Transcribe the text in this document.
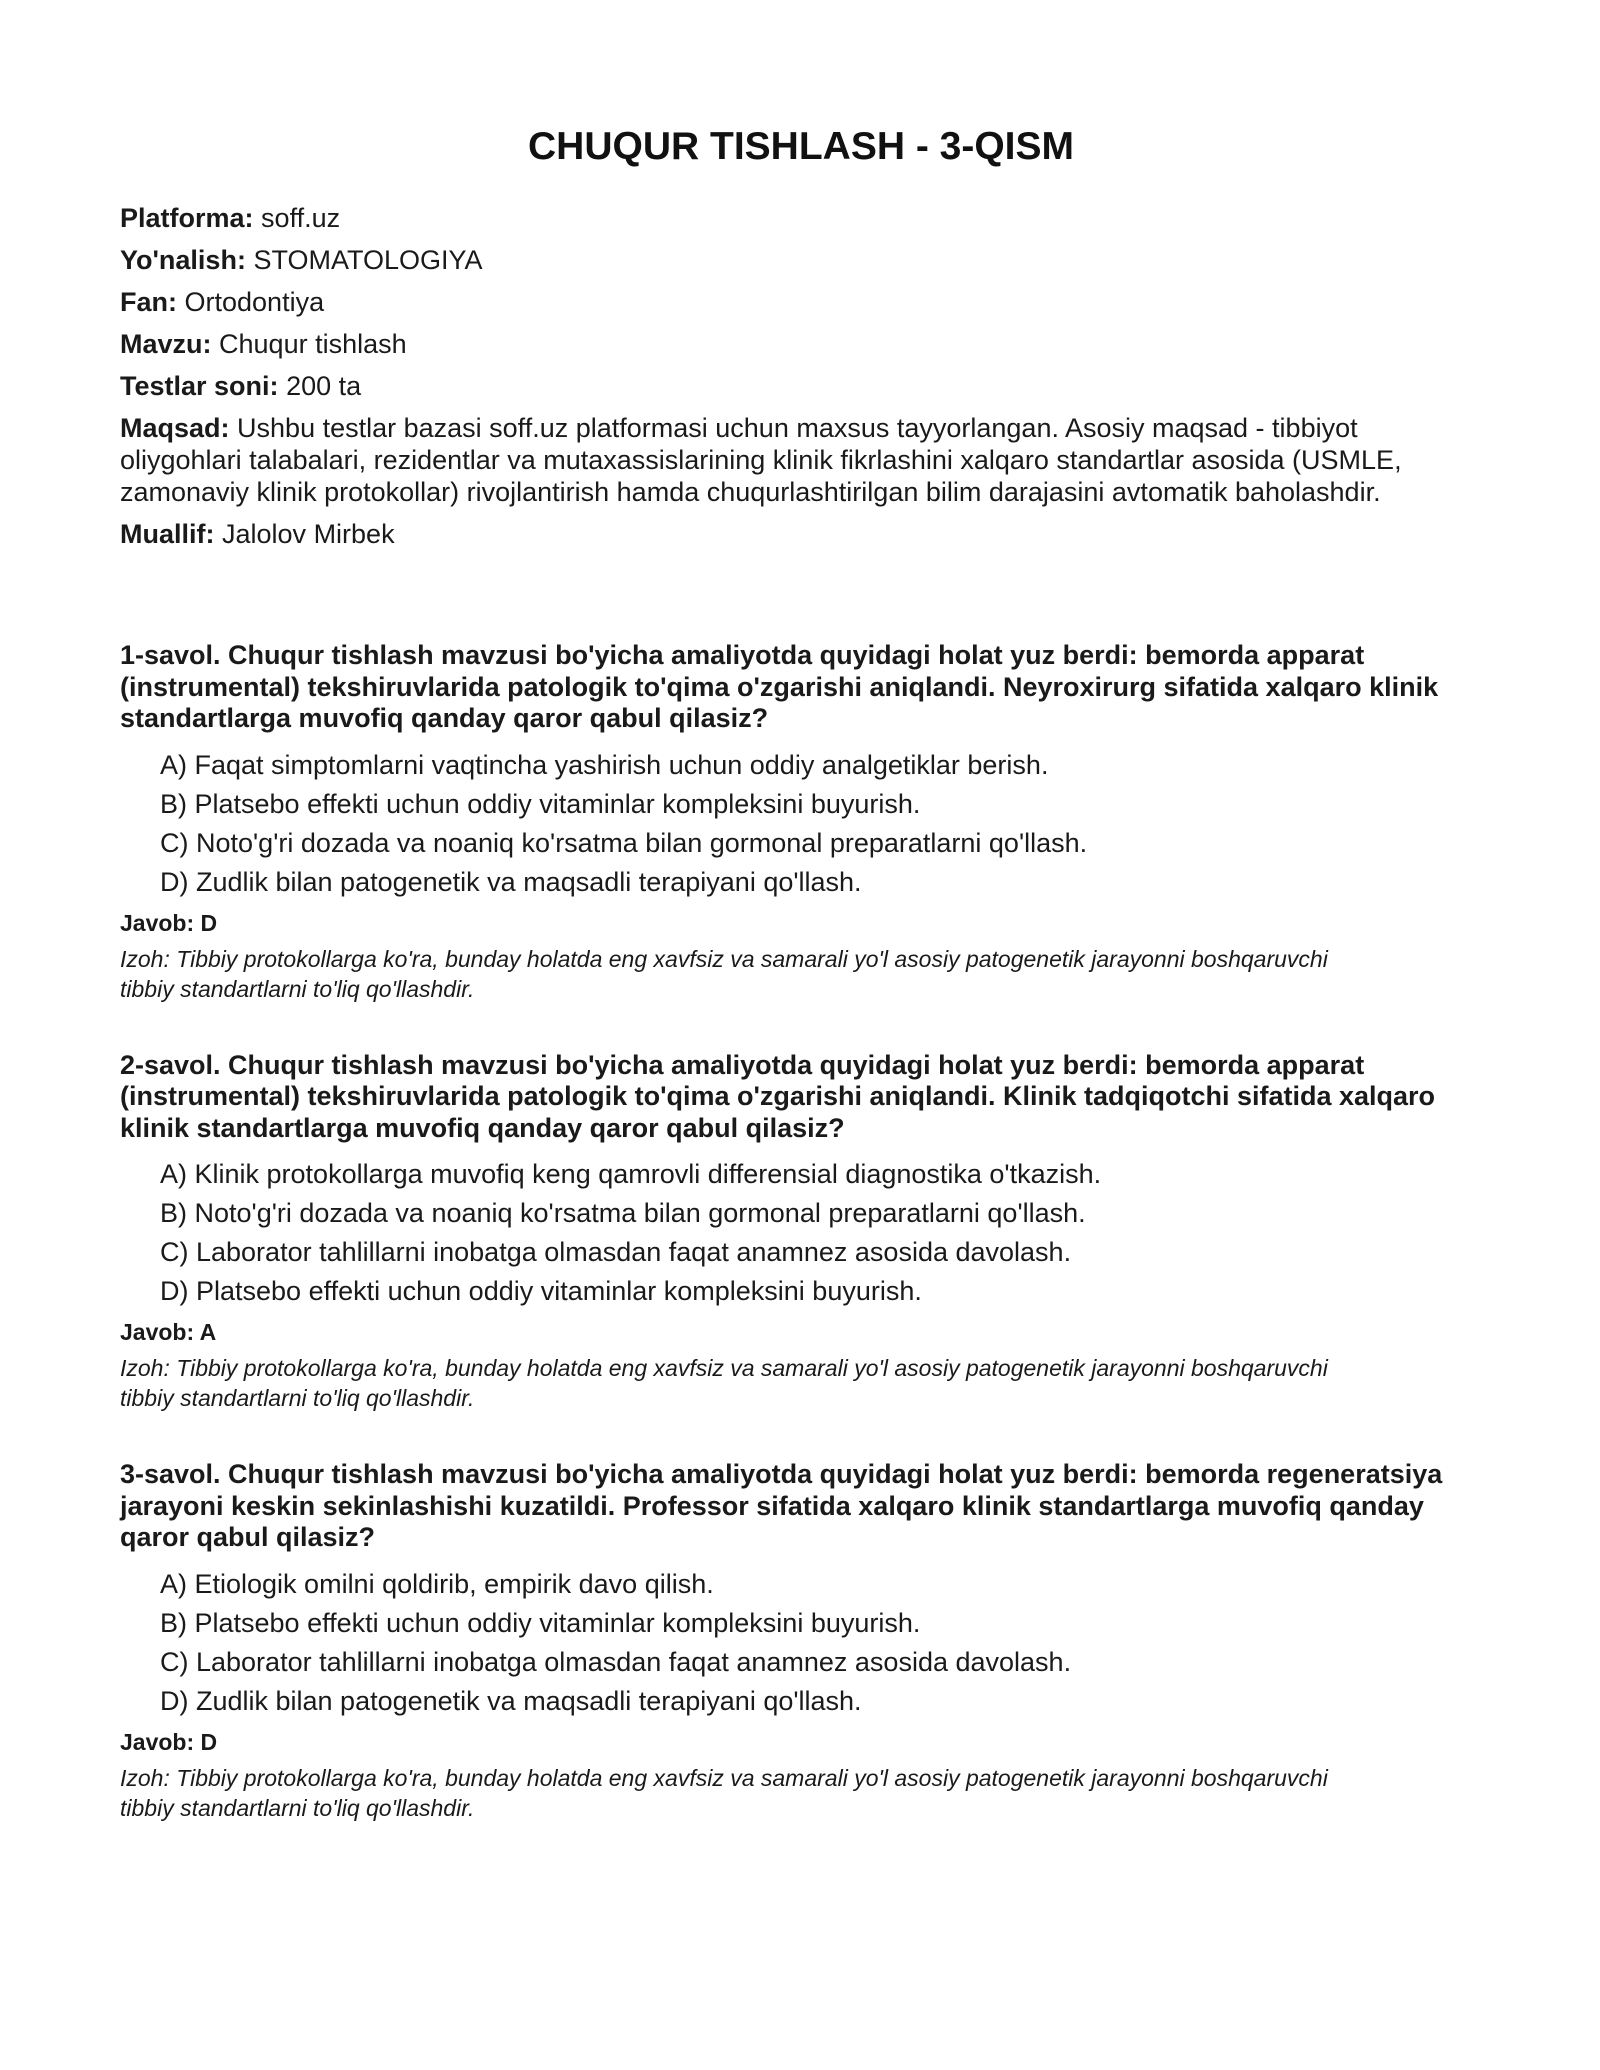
CHUQUR TISHLASH - 3-QISM

Platforma: soff.uz

Yo'nalish: STOMATOLOGIYA

Fan: Ortodontiya

Mavzu: Chuqur tishlash

Testlar soni: 200 ta

Maqsad: Ushbu testlar bazasi soff.uz platformasi uchun maxsus tayyorlangan. Asosiy maqsad - tibbiyot oliygohlari talabalari, rezidentlar va mutaxassislarining klinik fikrlashini xalqaro standartlar asosida (USMLE, zamonaviy klinik protokollar) rivojlantirish hamda chuqurlashtirilgan bilim darajasini avtomatik baholashdir.

Muallif: Jalolov Mirbek

1-savol. Chuqur tishlash mavzusi bo'yicha amaliyotda quyidagi holat yuz berdi: bemorda apparat (instrumental) tekshiruvlarida patologik to'qima o'zgarishi aniqlandi. Neyroxirurg sifatida xalqaro klinik standartlarga muvofiq qanday qaror qabul qilasiz?

A) Faqat simptomlarni vaqtincha yashirish uchun oddiy analgetiklar berish.

B) Platsebo effekti uchun oddiy vitaminlar kompleksini buyurish.

C) Noto'g'ri dozada va noaniq ko'rsatma bilan gormonal preparatlarni qo'llash.

D) Zudlik bilan patogenetik va maqsadli terapiyani qo'llash.

Javob: D

Izoh: Tibbiy protokollarga ko'ra, bunday holatda eng xavfsiz va samarali yo'l asosiy patogenetik jarayonni boshqaruvchi tibbiy standartlarni to'liq qo'llashdir.

2-savol. Chuqur tishlash mavzusi bo'yicha amaliyotda quyidagi holat yuz berdi: bemorda apparat (instrumental) tekshiruvlarida patologik to'qima o'zgarishi aniqlandi. Klinik tadqiqotchi sifatida xalqaro klinik standartlarga muvofiq qanday qaror qabul qilasiz?

A) Klinik protokollarga muvofiq keng qamrovli differensial diagnostika o'tkazish.

B) Noto'g'ri dozada va noaniq ko'rsatma bilan gormonal preparatlarni qo'llash.

C) Laborator tahlillarni inobatga olmasdan faqat anamnez asosida davolash.

D) Platsebo effekti uchun oddiy vitaminlar kompleksini buyurish.

Javob: A

Izoh: Tibbiy protokollarga ko'ra, bunday holatda eng xavfsiz va samarali yo'l asosiy patogenetik jarayonni boshqaruvchi tibbiy standartlarni to'liq qo'llashdir.

3-savol. Chuqur tishlash mavzusi bo'yicha amaliyotda quyidagi holat yuz berdi: bemorda regeneratsiya jarayoni keskin sekinlashishi kuzatildi. Professor sifatida xalqaro klinik standartlarga muvofiq qanday qaror qabul qilasiz?

A) Etiologik omilni qoldirib, empirik davo qilish.

B) Platsebo effekti uchun oddiy vitaminlar kompleksini buyurish.

C) Laborator tahlillarni inobatga olmasdan faqat anamnez asosida davolash.

D) Zudlik bilan patogenetik va maqsadli terapiyani qo'llash.

Javob: D

Izoh: Tibbiy protokollarga ko'ra, bunday holatda eng xavfsiz va samarali yo'l asosiy patogenetik jarayonni boshqaruvchi tibbiy standartlarni to'liq qo'llashdir.
